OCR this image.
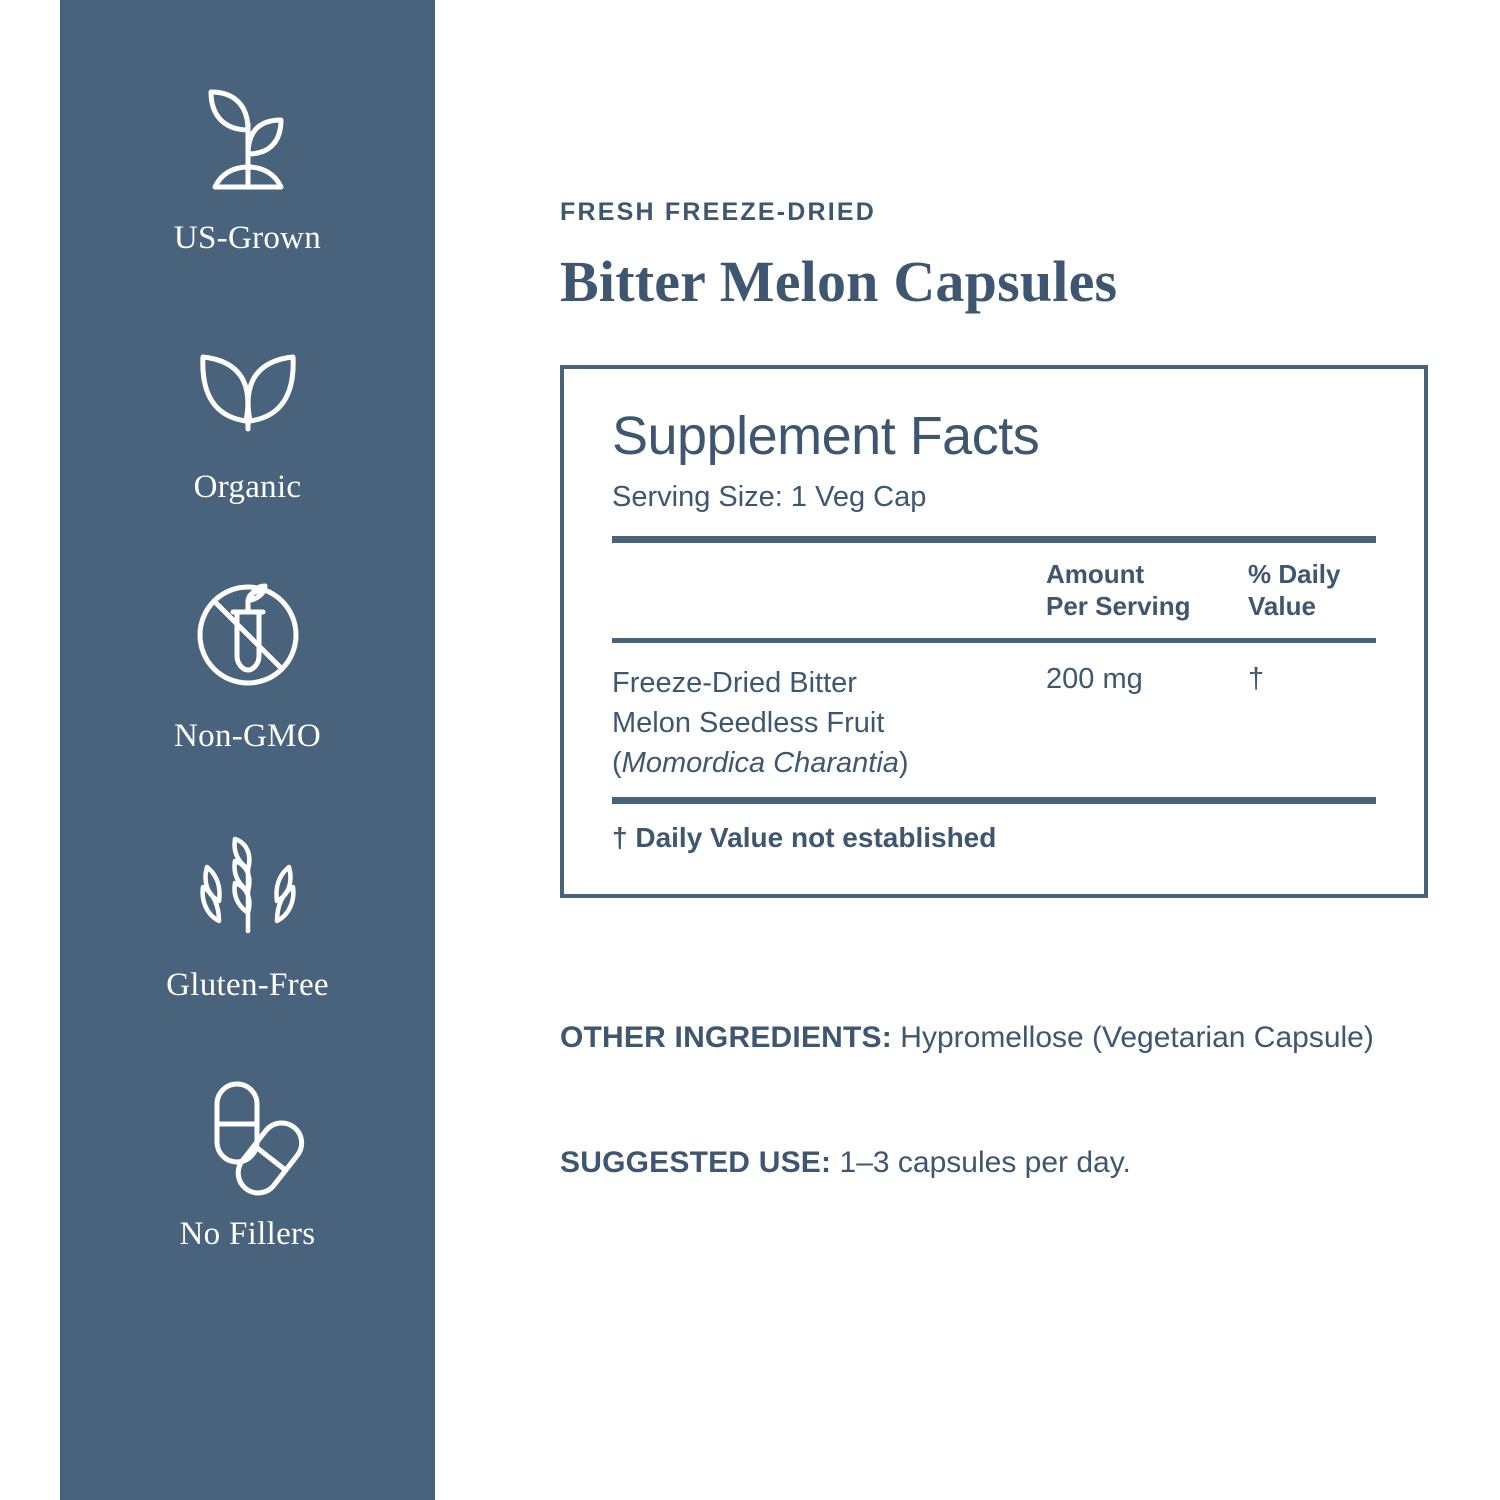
US-Grown
Organic
Non-GMO
Gluten-Free
No Fillers
FRESH FREEZE-DRIED
Bitter Melon Capsules
Supplement Facts
Serving Size: 1 Veg Cap
Amount
Per Serving
% Daily
Value
Freeze-Dried Bitter
Melon Seedless Fruit
(Momordica Charantia)
200 mg	†
† Daily Value not established

OTHER INGREDIENTS: Hypromellose (Vegetarian Capsule)

SUGGESTED USE: 1–3 capsules per day.
